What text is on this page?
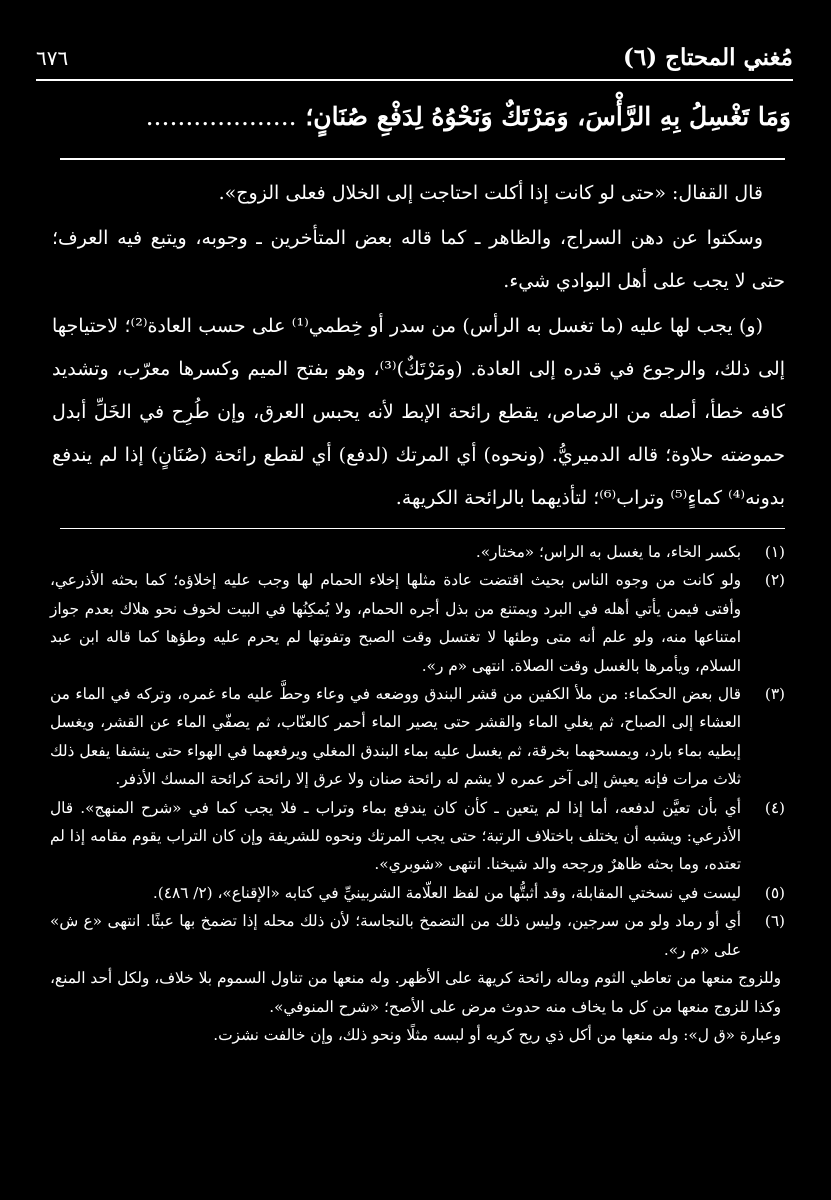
مُغني المحتاج (٦)
٦٧٦
وَمَا تَغْسِلُ بِهِ الرَّأْسَ، وَمَرْتَكٌ وَنَحْوُهُ لِدَفْعِ صُنَانٍ؛ ...................

قال القفال: «حتى لو كانت إذا أكلت احتاجت إلى الخلال فعلى الزوج».

وسكتوا عن دهن السراج، والظاهر ـ كما قاله بعض المتأخرين ـ وجوبه، ويتبع فيه العرف؛ حتى لا يجب على أهل البوادي شيء.

(و) يجب لها عليه (ما تغسل به الرأس) من سدر أو خِطمي⁽¹⁾ على حسب العادة⁽²⁾؛ لاحتياجها إلى ذلك، والرجوع في قدره إلى العادة. (ومَرْتَكٌ)⁽³⁾، وهو بفتح الميم وكسرها معرّب، وتشديد كافه خطأ، أصله من الرصاص، يقطع رائحة الإبط لأنه يحبس العرق، وإن طُرِح في الخَلِّ أبدل حموضته حلاوة؛ قاله الدميريُّ. (ونحوه) أي المرتك (لدفع) أي لقطع رائحة (صُنَانٍ) إذا لم يندفع بدونه⁽⁴⁾ كماءٍ⁽⁵⁾ وتراب⁽⁶⁾؛ لتأذيهما بالرائحة الكريهة.

(١)
بكسر الخاء، ما يغسل به الراس؛ «مختار».
(٢)
ولو كانت من وجوه الناس بحيث اقتضت عادة مثلها إخلاء الحمام لها وجب عليه إخلاؤه؛ كما بحثه الأذرعي، وأفتى فيمن يأتي أهله في البرد ويمتنع من بذل أجره الحمام، ولا يُمكِنُها في البيت لخوف نحو هلاك بعدم جواز امتناعها منه، ولو علم أنه متى وطئها لا تغتسل وقت الصبح وتفوتها لم يحرم عليه وطؤها كما قاله ابن عبد السلام، ويأمرها بالغسل وقت الصلاة. انتهى «م ر».
(٣)
قال بعض الحكماء: من ملأ الكفين من قشر البندق ووضعه في وعاء وحطَّ عليه ماء غمره، وتركه في الماء من العشاء إلى الصباح، ثم يغلي الماء والقشر حتى يصير الماء أحمر كالعنّاب، ثم يصفّي الماء عن القشر، ويغسل إبطيه بماء بارد، ويمسحهما بخرقة، ثم يغسل عليه بماء البندق المغلي ويرفعهما في الهواء حتى ينشفا يفعل ذلك ثلاث مرات فإنه يعيش إلى آخر عمره لا يشم له رائحة صنان ولا عرق إلا رائحة كرائحة المسك الأذفر.
(٤)
أي بأن تعيَّن لدفعه، أما إذا لم يتعين ـ كأن كان يندفع بماء وتراب ـ فلا يجب كما في «شرح المنهج». قال الأذرعي: ويشبه أن يختلف باختلاف الرتبة؛ حتى يجب المرتك ونحوه للشريفة وإن كان التراب يقوم مقامه إذا لم تعتده، وما بحثه ظاهرٌ ورجحه والد شيخنا. انتهى «شوبري».
(٥)
ليست في نسختي المقابلة، وقد أثبتُّها من لفظ العلّامة الشربينيِّ في كتابه «الإقناع»، (٢/ ٤٨٦).
(٦)
أي أو رماد ولو من سرجين، وليس ذلك من التضمخ بالنجاسة؛ لأن ذلك محله إذا تضمخ بها عبثًا. انتهى «ع ش» على «م ر».

وللزوج منعها من تعاطي الثوم وماله رائحة كريهة على الأظهر. وله منعها من تناول السموم بلا خلاف، ولكل أحد المنع، وكذا للزوج منعها من كل ما يخاف منه حدوث مرض على الأصح؛ «شرح المنوفي».

وعبارة «ق ل»: وله منعها من أكل ذي ريح كريه أو لبسه مثلًا ونحو ذلك، وإن خالفت نشزت.
